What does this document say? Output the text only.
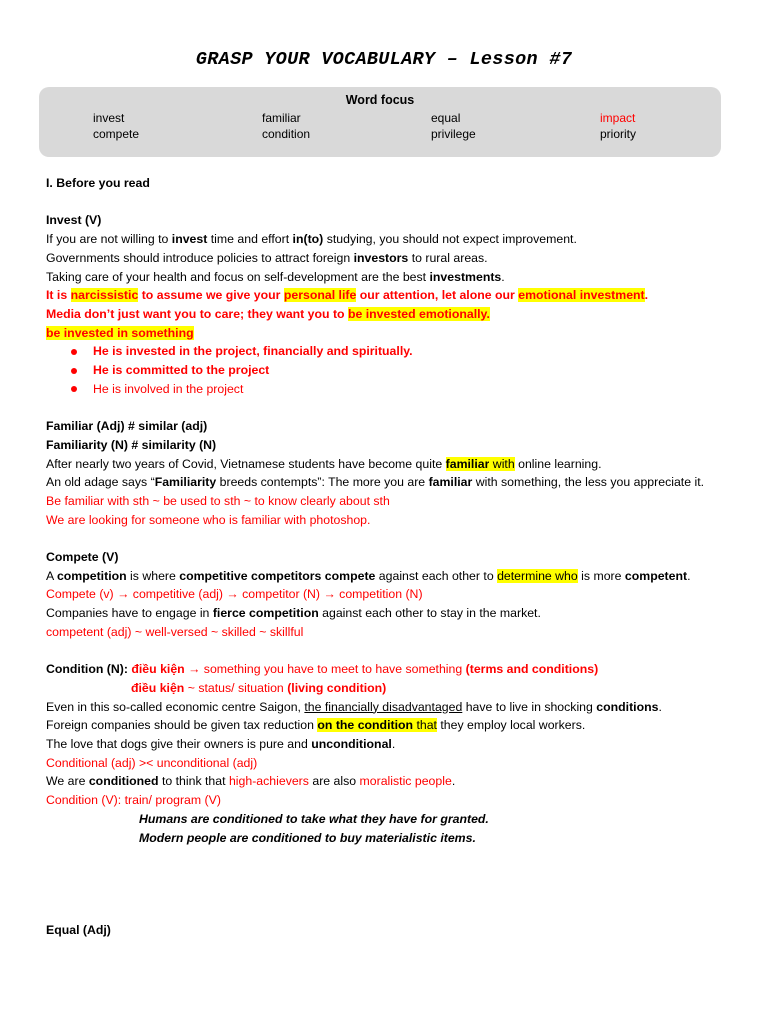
GRASP YOUR VOCABULARY – Lesson #7
Word focus
invest	familiar	equal	impact
compete	condition	privilege	priority
I. Before you read
Invest (V)
If you are not willing to invest time and effort in(to) studying, you should not expect improvement.
Governments should introduce policies to attract foreign investors to rural areas.
Taking care of your health and focus on self-development are the best investments.
It is narcissistic to assume we give your personal life our attention, let alone our emotional investment.
Media don’t just want you to care; they want you to be invested emotionally.
be invested in something
He is invested in the project, financially and spiritually.
He is committed to the project
He is involved in the project
Familiar (Adj) # similar (adj)
Familiarity (N) # similarity (N)
After nearly two years of Covid, Vietnamese students have become quite familiar with online learning.
An old adage says “Familiarity breeds contempts”: The more you are familiar with something, the less you appreciate it.
Be familiar with sth ~ be used to sth ~ to know clearly about sth
We are looking for someone who is familiar with photoshop.
Compete (V)
A competition is where competitive competitors compete against each other to determine who is more competent.
Compete (v) → competitive (adj) → competitor (N) → competition (N)
Companies have to engage in fierce competition against each other to stay in the market.
competent (adj) ~ well-versed ~ skilled ~ skillful
Condition (N): điều kiện → something you have to meet to have something (terms and conditions)
điều kiện ~ status/ situation (living condition)
Even in this so-called economic centre Saigon, the financially disadvantaged have to live in shocking conditions.
Foreign companies should be given tax reduction on the condition that they employ local workers.
The love that dogs give their owners is pure and unconditional.
Conditional (adj) >< unconditional (adj)
We are conditioned to think that high-achievers are also moralistic people.
Condition (V): train/ program (V)
Humans are conditioned to take what they have for granted.
Modern people are conditioned to buy materialistic items.
Equal (Adj)
